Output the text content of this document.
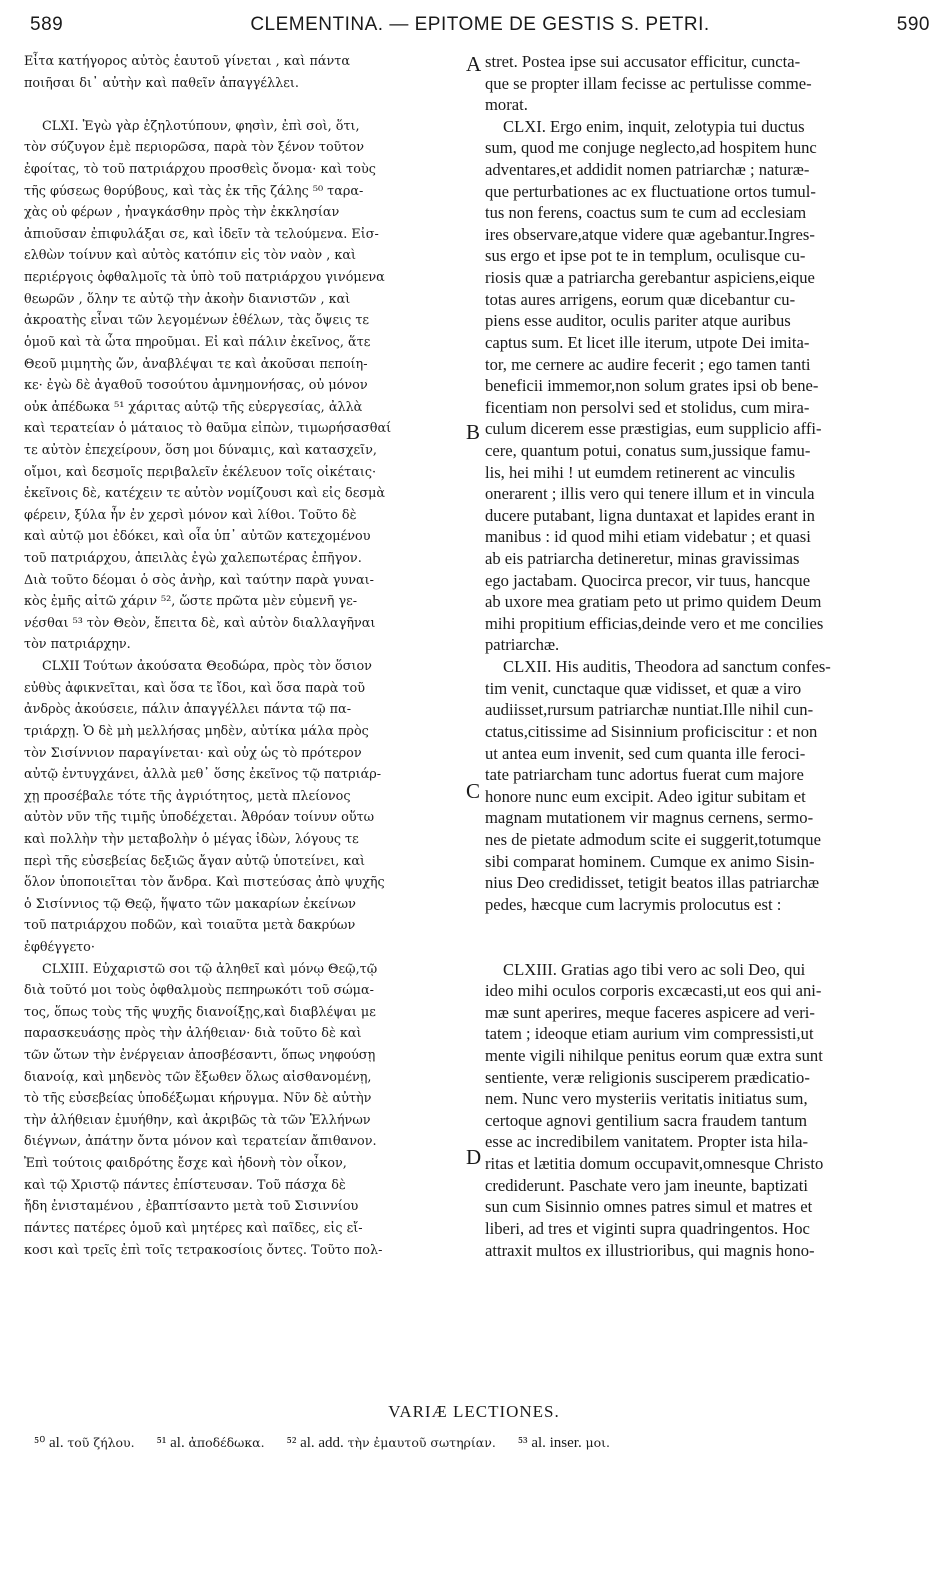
589	CLEMENTINA. — EPITOME DE GESTIS S. PETRI.	590
Εἶτα κατήγορος αὐτὸς ἑαυτοῦ γίνεται , καὶ πάντα
ποιῆσαι δι᾽ αὐτὴν καὶ παθεῖν ἀπαγγέλλει.
CLXI. Ἐγὼ γὰρ ἐζηλοτύπουν, φησὶν, ἐπὶ σοὶ, ὅτι,
τὸν σύζυγον ἐμὲ περιορῶσα, παρὰ τὸν ξένον τοῦτον
ἐφοίτας, τὸ τοῦ πατριάρχου προσθεὶς ὄνομα· καὶ τοὺς
τῆς φύσεως θορύβους, καὶ τὰς ἐκ τῆς ζάλης ⁵⁰ ταρα-
χὰς οὐ φέρων , ἠναγκάσθην πρὸς τὴν ἐκκλησίαν
ἀπιοῦσαν ἐπιφυλάξαι σε, καὶ ἰδεῖν τὰ τελούμενα. Εἰσ-
ελθὼν τοίνυν καὶ αὐτὸς κατόπιν εἰς τὸν ναὸν , καὶ
περιέργοις ὀφθαλμοῖς τὰ ὑπὸ τοῦ πατριάρχου γινόμενα
θεωρῶν , ὅλην τε αὐτῷ τὴν ἀκοὴν διανιστῶν , καὶ
ἀκροατὴς εἶναι τῶν λεγομένων ἐθέλων, τὰς ὄψεις τε
ὁμοῦ καὶ τὰ ὦτα πηροῦμαι. Εἰ καὶ πάλιν ἐκεῖνος, ἅτε
Θεοῦ μιμητὴς ὤν, ἀναβλέψαι τε καὶ ἀκοῦσαι πεποίη-
κε· ἐγὼ δὲ ἀγαθοῦ τοσούτου ἀμνημονήσας, οὐ μόνον
οὐκ ἀπέδωκα ⁵¹ χάριτας αὐτῷ τῆς εὐεργεσίας, ἀλλὰ
καὶ τερατείαν ὁ μάταιος τὸ θαῦμα εἰπὼν, τιμωρήσασθαί
τε αὐτὸν ἐπεχείρουν, ὅση μοι δύναμις, καὶ κατασχεῖν,
οἴμοι, καὶ δεσμοῖς περιβαλεῖν ἐκέλευον τοῖς οἰκέταις·
ἐκεῖνοις δὲ, κατέχειν τε αὐτὸν νομίζουσι καὶ εἰς δεσμὰ
φέρειν, ξύλα ἦν ἐν χερσὶ μόνον καὶ λίθοι. Τοῦτο δὲ
καὶ αὐτῷ μοι ἐδόκει, καὶ οἷα ὑπ᾽ αὐτῶν κατεχομένου
τοῦ πατριάρχου, ἀπειλὰς ἐγὼ χαλεπωτέρας ἐπῆγον.
Διὰ τοῦτο δέομαι ὁ σὸς ἀνὴρ, καὶ ταύτην παρὰ γυναι-
κὸς ἐμῆς αἰτῶ χάριν ⁵², ὥστε πρῶτα μὲν εὐμενῆ γε-
νέσθαι ⁵³ τὸν Θεὸν, ἔπειτα δὲ, καὶ αὐτὸν διαλλαγῆναι
τὸν πατριάρχην.
CLXII Τούτων ἀκούσατα Θεοδώρα, πρὸς τὸν ὅσιον
εὐθὺς ἀφικνεῖται, καὶ ὅσα τε ἴδοι, καὶ ὅσα παρὰ τοῦ
ἀνδρὸς ἀκούσειε, πάλιν ἀπαγγέλλει πάντα τῷ πα-
τριάρχῃ. Ὁ δὲ μὴ μελλήσας μηδὲν, αὐτίκα μάλα πρὸς
τὸν Σισίννιον παραγίνεται· καὶ οὐχ ὡς τὸ πρότερον
αὐτῷ ἐντυγχάνει, ἀλλὰ μεθ᾽ ὅσης ἐκεῖνος τῷ πατριάρ-
χῃ προσέβαλε τότε τῆς ἀγριότητος, μετὰ πλείονος
αὐτὸν νῦν τῆς τιμῆς ὑποδέχεται. Ἀθρόαν τοίνυν οὕτω
καὶ πολλὴν τὴν μεταβολὴν ὁ μέγας ἰδὼν, λόγους τε
περὶ τῆς εὐσεβείας δεξιῶς ἄγαν αὐτῷ ὑποτείνει, καὶ
ὅλον ὑποποιεῖται τὸν ἄνδρα. Καὶ πιστεύσας ἀπὸ ψυχῆς
ὁ Σισίννιος τῷ Θεῷ, ἥψατο τῶν μακαρίων ἐκείνων
τοῦ πατριάρχου ποδῶν, καὶ τοιαῦτα μετὰ δακρύων
ἐφθέγγετο·
CLXIII. Εὐχαριστῶ σοι τῷ ἀληθεῖ καὶ μόνῳ Θεῷ,τῷ
διὰ τοῦτό μοι τοὺς ὀφθαλμοὺς πεπηρωκότι τοῦ σώμα-
τος, ὅπως τοὺς τῆς ψυχῆς διανοίξῃς,καὶ διαβλέψαι με
παρασκευάσῃς πρὸς τὴν ἀλήθειαν· διὰ τοῦτο δὲ καὶ
τῶν ὤτων τὴν ἐνέργειαν ἀποσβέσαντι, ὅπως νηφούσῃ
διανοίᾳ, καὶ μηδενὸς τῶν ἔξωθεν ὅλως αἰσθανομένῃ,
τὸ τῆς εὐσεβείας ὑποδέξωμαι κήρυγμα. Νῦν δὲ αὐτὴν
τὴν ἀλήθειαν ἐμυήθην, καὶ ἀκριβῶς τὰ τῶν Ἑλλήνων
διέγνων, ἀπάτην ὄντα μόνον καὶ τερατείαν ἄπιθανον.
Ἐπὶ τούτοις φαιδρότης ἔσχε καὶ ἡδονὴ τὸν οἶκον,
καὶ τῷ Χριστῷ πάντες ἐπίστευσαν. Τοῦ πάσχα δὲ
ἤδη ἐνισταμένου , ἐβαπτίσαντο μετὰ τοῦ Σισιννίου
πάντες πατέρες ὁμοῦ καὶ μητέρες καὶ παῖδες, εἰς εἴ-
κοσι καὶ τρεῖς ἐπὶ τοῖς τετρακοσίοις ὄντες. Τοῦτο πολ-
stret. Postea ipse sui accusator efficitur, cuncta-
que se propter illam fecisse ac pertulisse comme-
morat.
CLXI. Ergo enim, inquit, zelotypia tui ductus
sum, quod me conjuge neglecto,ad hospitem hunc
adventares,et addidit nomen patriarchæ ; naturæ-
que perturbationes ac ex fluctuatione ortos tumul-
tus non ferens, coactus sum te cum ad ecclesiam
ires observare,atque videre quæ agebantur.Ingres-
sus ergo et ipse pot te in templum, oculisque cu-
riosis quæ a patriarcha gerebantur aspiciens,eique
totas aures arrigens, eorum quæ dicebantur cu-
piens esse auditor, oculis pariter atque auribus
captus sum. Et licet ille iterum, utpote Dei imita-
tor, me cernere ac audire fecerit ; ego tamen tanti
beneficii immemor,non solum grates ipsi ob bene-
ficentiam non persolvi sed et stolidus, cum mira-
culum dicerem esse præstigias, eum supplicio affi-
cere, quantum potui, conatus sum,jussique famu-
lis, hei mihi ! ut eumdem retinerent ac vinculis
onerarent ; illis vero qui tenere illum et in vincula
ducere putabant, ligna duntaxat et lapides erant in
manibus : id quod mihi etiam videbatur ; et quasi
ab eis patriarcha detineretur, minas gravissimas
ego jactabam. Quocirca precor, vir tuus, hancque
ab uxore mea gratiam peto ut primo quidem Deum
mihi propitium efficias,deinde vero et me concilies
patriarchæ.
CLXII. His auditis, Theodora ad sanctum confes-
tim venit, cunctaque quæ vidisset, et quæ a viro
audiisset,rursum patriarchæ nuntiat.Ille nihil cun-
ctatus,citissime ad Sisinnium proficiscitur : et non
ut antea eum invenit, sed cum quanta ille feroci-
tate patriarcham tunc adortus fuerat cum majore
honore nunc eum excipit. Adeo igitur subitam et
magnam mutationem vir magnus cernens, sermo-
nes de pietate admodum scite ei suggerit,totumque
sibi comparat hominem. Cumque ex animo Sisin-
nius Deo credidisset, tetigit beatos illas patriarchæ
pedes, hæcque cum lacrymis prolocutus est :
CLXIII. Gratias ago tibi vero ac soli Deo, qui
ideo mihi oculos corporis excæcasti,ut eos qui ani-
mæ sunt aperires, meque faceres aspicere ad veri-
tatem ; ideoque etiam aurium vim compressisti,ut
mente vigili nihilque penitus eorum quæ extra sunt
sentiente, veræ religionis susciperem prædicatio-
nem. Nunc vero mysteriis veritatis initiatus sum,
certoque agnovi gentilium sacra fraudem tantum
esse ac incredibilem vanitatem. Propter ista hila-
ritas et lætitia domum occupavit,omnesque Christo
crediderunt. Paschate vero jam ineunte, baptizati
sun cum Sisinnio omnes patres simul et matres et
liberi, ad tres et viginti supra quadringentos. Hoc
attraxit multos ex illustrioribus, qui magnis hono-
A
B
C
D
VARIÆ LECTIONES.
⁵⁰ al. τοῦ ζήλου. ⁵¹ al. ἀποδέδωκα. ⁵² al. add. τὴν ἐμαυτοῦ σωτηρίαν. ⁵³ al. inser. μοι.
